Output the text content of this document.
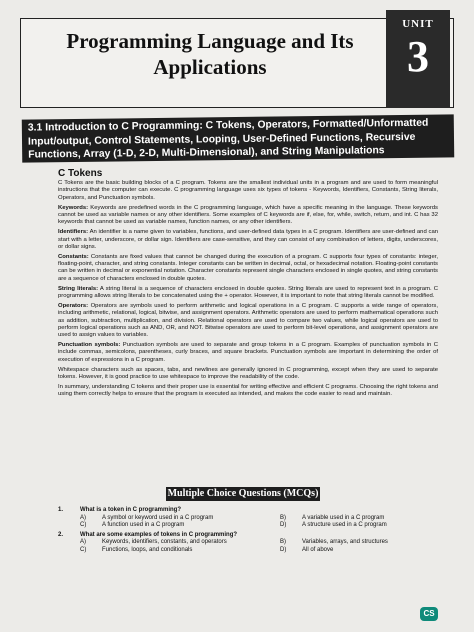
Programming Language and Its
Applications
UNIT
3
3.1 Introduction to C Programming: C Tokens, Operators, Formatted/Unformatted Input/output, Control Statements, Looping, User-Defined Functions, Recursive Functions, Array (1-D, 2-D, Multi-Dimensional), and String Manipulations
C Tokens

C Tokens are the basic building blocks of a C program. Tokens are the smallest individual units in a program and are used to form meaningful instructions that the computer can execute. C programming language uses six types of tokens - Keywords, Identifiers, Constants, String literals, Operators, and Punctuation symbols.

Keywords: Keywords are predefined words in the C programming language, which have a specific meaning in the language. These keywords cannot be used as variable names or any other identifiers. Some examples of C keywords are if, else, for, while, switch, return, and int. C has 32 keywords that cannot be used as variable names, function names, or any other identifiers.

Identifiers: An identifier is a name given to variables, functions, and user-defined data types in a C program. Identifiers are user-defined and can start with a letter, underscore, or dollar sign. Identifiers are case-sensitive, and they can consist of any combination of letters, digits, underscores, or dollar signs.

Constants: Constants are fixed values that cannot be changed during the execution of a program. C supports four types of constants: integer, floating-point, character, and string constants. Integer constants can be written in decimal, octal, or hexadecimal notation. Floating-point constants can be written in decimal or exponential notation. Character constants represent single characters enclosed in single quotes, and string constants are a sequence of characters enclosed in double quotes.

String literals: A string literal is a sequence of characters enclosed in double quotes. String literals are used to represent text in a program. C programming allows string literals to be concatenated using the + operator. However, it is important to note that string literals cannot be modified.

Operators: Operators are symbols used to perform arithmetic and logical operations in a C program. C supports a wide range of operators, including arithmetic, relational, logical, bitwise, and assignment operators. Arithmetic operators are used to perform mathematical operations such as addition, subtraction, multiplication, and division. Relational operators are used to compare two values, while logical operators are used to perform logical operations such as AND, OR, and NOT. Bitwise operators are used to perform bit-level operations, and assignment operators are used to assign values to variables.

Punctuation symbols: Punctuation symbols are used to separate and group tokens in a C program. Examples of punctuation symbols in C include commas, semicolons, parentheses, curly braces, and square brackets. Punctuation symbols are important in determining the order of execution of expressions in a C program.

Whitespace characters such as spaces, tabs, and newlines are generally ignored in C programming, except when they are used to separate tokens. However, it is good practice to use whitespace to improve the readability of the code.

In summary, understanding C tokens and their proper use is essential for writing effective and efficient C programs. Choosing the right tokens and using them correctly helps to ensure that the program is executed as intended, and makes the code easier to read and maintain.

Multiple Choice Questions (MCQs)
1.	What is a token in C programming?
A)	A symbol or keyword used in a C program	B)	A variable used in a C program
C)	A function used in a C program	D)	A structure used in a C program
2.	What are some examples of tokens in C programming?
A)	Keywords, identifiers, constants, and operators	B)	Variables, arrays, and structures
C)	Functions, loops, and conditionals	D)	All of above
CS
